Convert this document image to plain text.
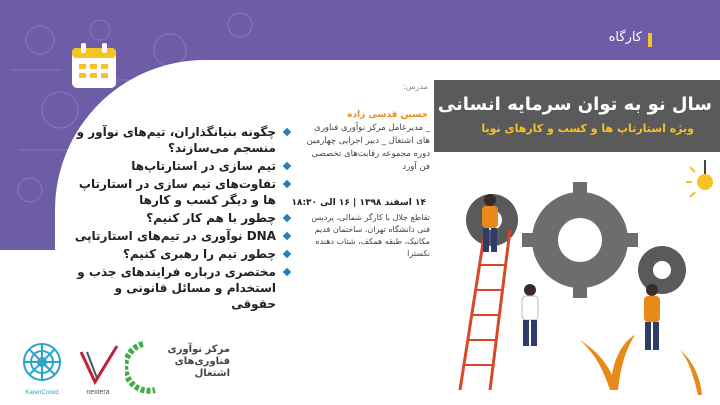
کارگاه
سال نو به توان سرمایه انسانی
ویژه استارتاپ ها و کسب و کارهای نوپا
چگونه بنیانگذاران، تیم‌های نوآور و منسجم می‌سازند؟
تیم سازی در استارتاپ‌ها
تفاوت‌های تیم سازی در استارتاپ ها و دیگر کسب و کارها
چطور با هم کار کنیم؟
DNA نوآوری در تیم‌های استارتاپی
چطور تیم را رهبری کنیم؟
مختصری درباره فرایندهای جذب و استخدام و مسائل قانونی و حقوقی
مدرس:
حسین قدسی زاده
_ مدیرعامل مرکز نوآوری فناوری های اشتغال _ دبیر اجرایی چهارمین دوره مجموعه رقابت‌های تخصصی فن آورد
۱۴ اسفند ۱۳۹۸ | ۱۶ الی ۱۸:۳۰
تقاطع جلال با کارگر شمالی، پردیس فنی دانشگاه تهران، ساختمان قدیم مکانیک، طبقه همکف، شتاب دهنده نکسترا
KarenCrowd	nextera
مرکز نوآوری فناوری‌های اشتغال
